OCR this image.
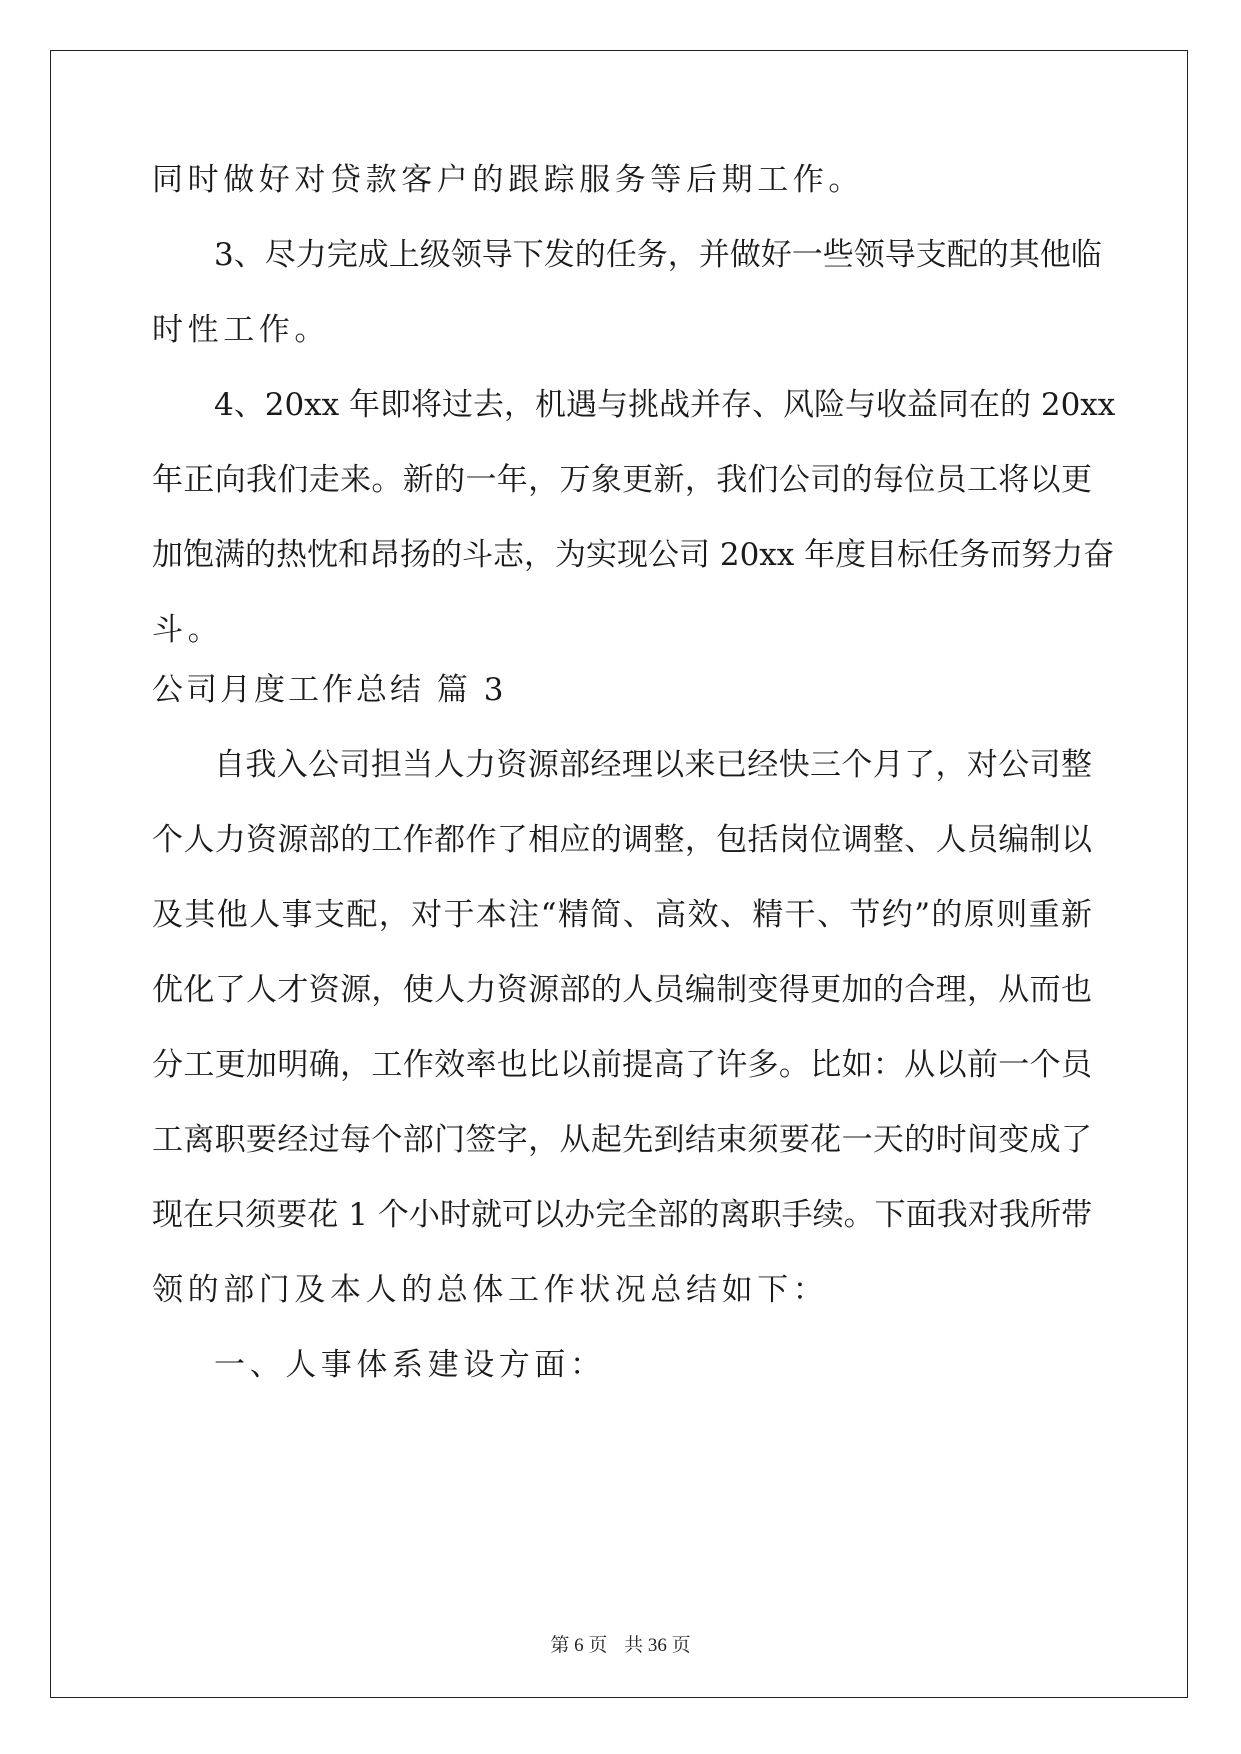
同时做好对贷款客户的跟踪服务等后期工作。
3、尽力完成上级领导下发的任务，并做好一些领导支配的其他临
时性工作。
4、20xx 年即将过去，机遇与挑战并存、风险与收益同在的 20xx
年正向我们走来。新的一年，万象更新，我们公司的每位员工将以更
加饱满的热忱和昂扬的斗志，为实现公司 20xx 年度目标任务而努力奋
斗。
公司月度工作总结 篇 3
自我入公司担当人力资源部经理以来已经快三个月了，对公司整
个人力资源部的工作都作了相应的调整，包括岗位调整、人员编制以
及其他人事支配，对于本注“精简、高效、精干、节约”的原则重新
优化了人才资源，使人力资源部的人员编制变得更加的合理，从而也
分工更加明确，工作效率也比以前提高了许多。比如：从以前一个员
工离职要经过每个部门签字，从起先到结束须要花一天的时间变成了
现在只须要花 1 个小时就可以办完全部的离职手续。下面我对我所带
领的部门及本人的总体工作状况总结如下：
一、人事体系建设方面：
第 6 页 共 36 页
